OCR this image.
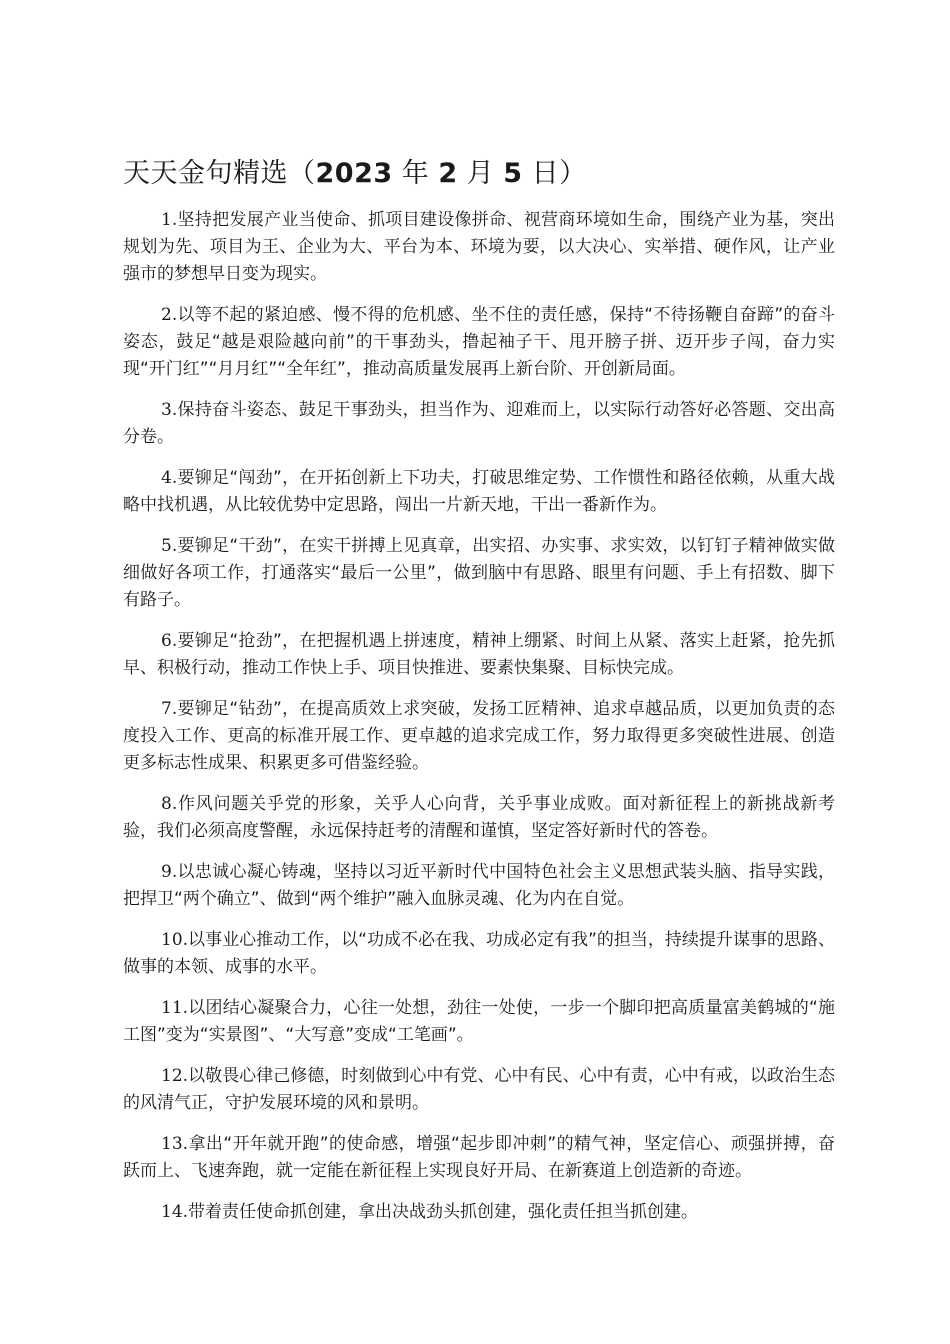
天天金句精选（2023 年 2 月 5 日）

1.坚持把发展产业当使命、抓项目建设像拼命、视营商环境如生命，围绕产业为基，突出规划为先、项目为王、企业为大、平台为本、环境为要，以大决心、实举措、硬作风，让产业强市的梦想早日变为现实。

2.以等不起的紧迫感、慢不得的危机感、坐不住的责任感，保持“不待扬鞭自奋蹄”的奋斗姿态，鼓足“越是艰险越向前”的干事劲头，撸起袖子干、甩开膀子拼、迈开步子闯，奋力实现“开门红”“月月红”“全年红”，推动高质量发展再上新台阶、开创新局面。

3.保持奋斗姿态、鼓足干事劲头，担当作为、迎难而上，以实际行动答好必答题、交出高分卷。

4.要铆足“闯劲”，在开拓创新上下功夫，打破思维定势、工作惯性和路径依赖，从重大战略中找机遇，从比较优势中定思路，闯出一片新天地，干出一番新作为。

5.要铆足“干劲”，在实干拼搏上见真章，出实招、办实事、求实效，以钉钉子精神做实做细做好各项工作，打通落实“最后一公里”，做到脑中有思路、眼里有问题、手上有招数、脚下有路子。

6.要铆足“抢劲”，在把握机遇上拼速度，精神上绷紧、时间上从紧、落实上赶紧，抢先抓早、积极行动，推动工作快上手、项目快推进、要素快集聚、目标快完成。

7.要铆足“钻劲”，在提高质效上求突破，发扬工匠精神、追求卓越品质，以更加负责的态度投入工作、更高的标准开展工作、更卓越的追求完成工作，努力取得更多突破性进展、创造更多标志性成果、积累更多可借鉴经验。

8.作风问题关乎党的形象，关乎人心向背，关乎事业成败。面对新征程上的新挑战新考验，我们必须高度警醒，永远保持赶考的清醒和谨慎，坚定答好新时代的答卷。

9.以忠诚心凝心铸魂，坚持以习近平新时代中国特色社会主义思想武装头脑、指导实践，把捍卫“两个确立”、做到“两个维护”融入血脉灵魂、化为内在自觉。

10.以事业心推动工作，以“功成不必在我、功成必定有我”的担当，持续提升谋事的思路、做事的本领、成事的水平。

11.以团结心凝聚合力，心往一处想，劲往一处使，一步一个脚印把高质量富美鹤城的“施工图”变为“实景图”、“大写意”变成“工笔画”。

12.以敬畏心律己修德，时刻做到心中有党、心中有民、心中有责，心中有戒，以政治生态的风清气正，守护发展环境的风和景明。

13.拿出“开年就开跑”的使命感，增强“起步即冲刺”的精气神，坚定信心、顽强拼搏，奋跃而上、飞速奔跑，就一定能在新征程上实现良好开局、在新赛道上创造新的奇迹。

14.带着责任使命抓创建，拿出决战劲头抓创建，强化责任担当抓创建。
